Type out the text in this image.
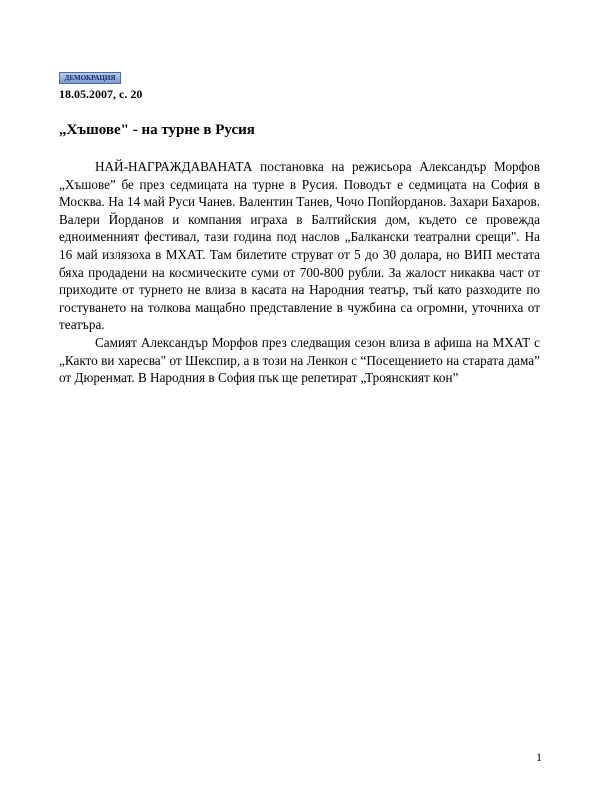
ДЕМОКРАЦИЯ
18.05.2007, с. 20
„Хъшове" - на турне в Русия

НАЙ-НАГРАЖДАВАНАТА постановка на режисьора Александър Морфов „Хъшове” бе през седмицата на турне в Русия. Поводът е седмицата на София в Москва. На 14 май Руси Чанев. Валентин Танев, Чочо Попйорданов. Захари Бахаров. Валери Йорданов и компания играха в Балтийския дом, където се провежда едноименният фестивал, тази година под наслов „Балкански театрални срещи". На 16 май излязоха в МХАТ. Там билетите струват от 5 до 30 долара, но ВИП местата бяха продадени на космическите суми от 700-800 рубли. За жалост никаква част от приходите от турнето не влиза в касата на Народния театър, тъй като разходите по гостуването на толкова мащабно представление в чужбина са огромни, уточниха от театъра.

Самият Александър Морфов през следващия сезон влиза в афиша на МХАТ с „Както ви харесва" от Шекспир, а в този на Ленкон с “Посещението на старата дама” от Дюренмат. В Народния в София пък ще репетират „Троянският кон”

1
